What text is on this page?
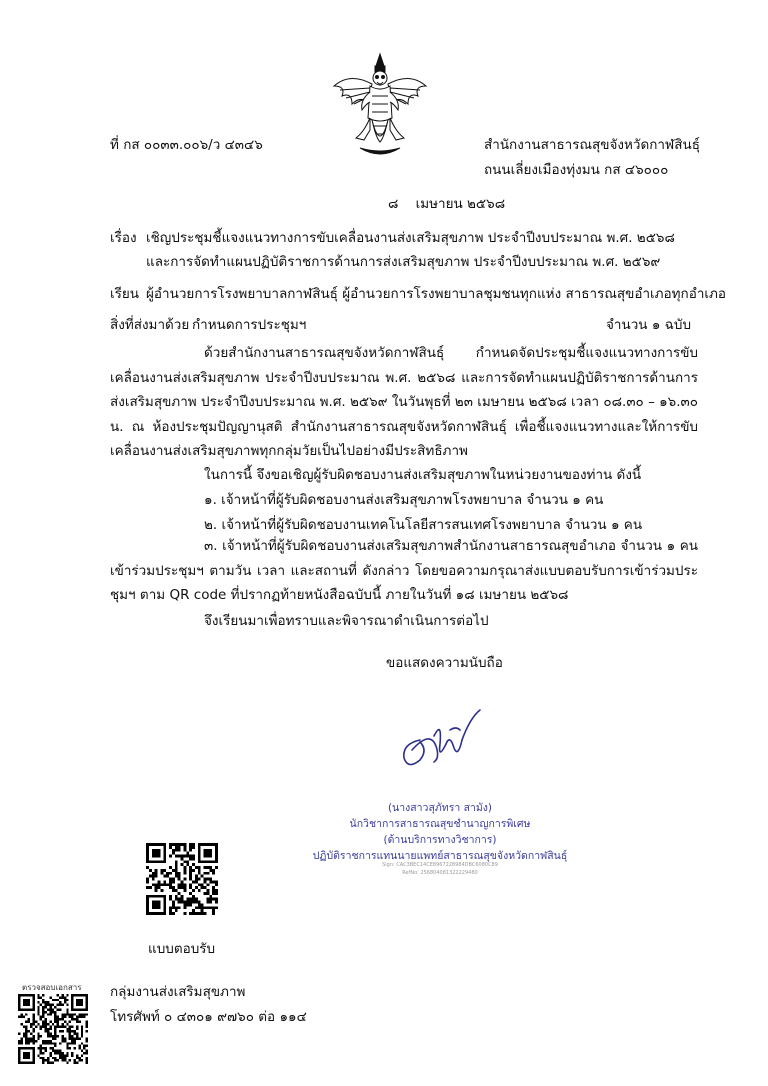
ที่ กส ๐๐๓๓.๐๐๖/ว ๔๓๔๖	สำนักงานสาธารณสุขจังหวัดกาฬสินธุ์
ถนนเลี่ยงเมืองทุ่งมน กส ๔๖๐๐๐
๘    เมษายน ๒๕๖๘
เรื่อง เชิญประชุมชี้แจงแนวทางการขับเคลื่อนงานส่งเสริมสุขภาพ ประจำปีงบประมาณ พ.ศ. ๒๕๖๘
และการจัดทำแผนปฏิบัติราชการด้านการส่งเสริมสุขภาพ ประจำปีงบประมาณ พ.ศ. ๒๕๖๙
เรียน ผู้อำนวยการโรงพยาบาลกาฬสินธุ์ ผู้อำนวยการโรงพยาบาลชุมชนทุกแห่ง สาธารณสุขอำเภอทุกอำเภอ
สิ่งที่ส่งมาด้วย กำหนดการประชุมฯ	จำนวน ๑ ฉบับ

ด้วยสำนักงานสาธารณสุขจังหวัดกาฬสินธุ์ กำหนดจัดประชุมชี้แจงแนวทางการขับเคลื่อนงานส่งเสริมสุขภาพ ประจำปีงบประมาณ พ.ศ. ๒๕๖๘ และการจัดทำแผนปฏิบัติราชการด้านการส่งเสริมสุขภาพ ประจำปีงบประมาณ พ.ศ. ๒๕๖๙ ในวันพุธที่ ๒๓ เมษายน ๒๕๖๘ เวลา ๐๘.๓๐ – ๑๖.๓๐ น. ณ ห้องประชุมปัญญานุสติ สำนักงานสาธารณสุขจังหวัดกาฬสินธุ์ เพื่อชี้แจงแนวทางและให้การขับเคลื่อนงานส่งเสริมสุขภาพทุกกลุ่มวัยเป็นไปอย่างมีประสิทธิภาพ

ในการนี้ จึงขอเชิญผู้รับผิดชอบงานส่งเสริมสุขภาพในหน่วยงานของท่าน ดังนี้
๑. เจ้าหน้าที่ผู้รับผิดชอบงานส่งเสริมสุขภาพโรงพยาบาล จำนวน ๑ คน
๒. เจ้าหน้าที่ผู้รับผิดชอบงานเทคโนโลยีสารสนเทศโรงพยาบาล จำนวน ๑ คน

๓. เจ้าหน้าที่ผู้รับผิดชอบงานส่งเสริมสุขภาพสำนักงานสาธารณสุขอำเภอ จำนวน ๑ คน เข้าร่วมประชุมฯ ตามวัน เวลา และสถานที่ ดังกล่าว โดยขอความกรุณาส่งแบบตอบรับการเข้าร่วมประชุมฯ ตาม QR code ที่ปรากฏท้ายหนังสือฉบับนี้ ภายในวันที่ ๑๘ เมษายน ๒๕๖๘

จึงเรียนมาเพื่อทราบและพิจารณาดำเนินการต่อไป
ขอแสดงความนับถือ
(นางสาวสุภัทรา สามัง)
นักวิชาการสาธารณสุขชำนาญการพิเศษ
(ด้านบริการทางวิชาการ)
ปฏิบัติราชการแทนนายแพทย์สาธารณสุขจังหวัดกาฬสินธุ์
Sign: CAC3BEC14CE8967228984DBC6080C89
RefNo: 256804081322229480
แบบตอบรับ
ตรวจสอบเอกสาร กลุ่มงานส่งเสริมสุขภาพ
โทรศัพท์ ๐ ๔๓๐๑ ๙๗๖๐ ต่อ ๑๑๔
